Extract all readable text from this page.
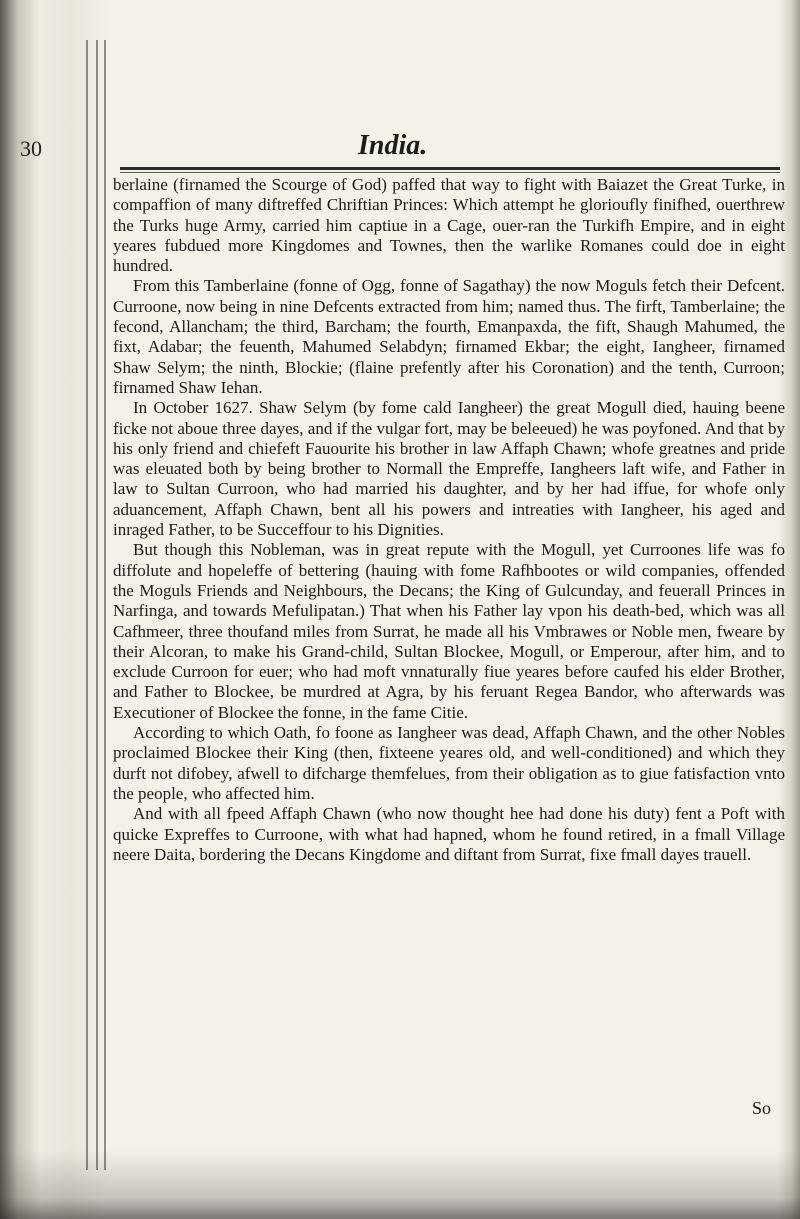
30	India.

berlaine (firnamed the Scourge of God) paffed that way to fight with Baiazet the Great Turke, in compaffion of many diftreffed Chriftian Princes: Which attempt he glorioufly finifhed, ouerthrew the Turks huge Army, carried him captiue in a Cage, ouer-ran the Turkifh Empire, and in eight yeares fubdued more Kingdomes and Townes, then the warlike Romanes could doe in eight hundred.

From this Tamberlaine (fonne of Ogg, fonne of Sagathay) the now Moguls fetch their Defcent. Curroone, now being in nine Defcents extracted from him; named thus. The firft, Tamberlaine; the fecond, Allancham; the third, Barcham; the fourth, Emanpaxda, the fift, Shaugh Mahumed, the fixt, Adabar; the feuenth, Mahumed Selabdyn; firnamed Ekbar; the eight, Iangheer, firnamed Shaw Selym; the ninth, Blockie; (flaine prefently after his Coronation) and the tenth, Curroon; firnamed Shaw Iehan.

In October 1627. Shaw Selym (by fome cald Iangheer) the great Mogull died, hauing beene ficke not aboue three dayes, and if the vulgar fort, may be beleeued) he was poyfoned. And that by his only friend and chiefeft Fauourite his brother in law Affaph Chawn; whofe greatnes and pride was eleuated both by being brother to Normall the Empreffe, Iangheers laft wife, and Father in law to Sultan Curroon, who had married his daughter, and by her had iffue, for whofe only aduancement, Affaph Chawn, bent all his powers and intreaties with Iangheer, his aged and inraged Father, to be Succeffour to his Dignities.

But though this Nobleman, was in great repute with the Mogull, yet Curroones life was fo diffolute and hopeleffe of bettering (hauing with fome Rafhbootes or wild companies, offended the Moguls Friends and Neighbours, the Decans; the King of Gulcunday, and feuerall Princes in Narfinga, and towards Mefulipatan.) That when his Father lay vpon his death-bed, which was all Cafhmeer, three thoufand miles from Surrat, he made all his Vmbrawes or Noble men, fweare by their Alcoran, to make his Grand-child, Sultan Blockee, Mogull, or Emperour, after him, and to exclude Curroon for euer; who had moft vnnaturally fiue yeares before caufed his elder Brother, and Father to Blockee, be murdred at Agra, by his feruant Regea Bandor, who afterwards was Executioner of Blockee the fonne, in the fame Citie.

According to which Oath, fo foone as Iangheer was dead, Affaph Chawn, and the other Nobles proclaimed Blockee their King (then, fixteene yeares old, and well-conditioned) and which they durft not difobey, afwell to difcharge themfelues, from their obligation as to giue fatisfaction vnto the people, who affected him.

And with all fpeed Affaph Chawn (who now thought hee had done his duty) fent a Poft with quicke Expreffes to Curroone, with what had hapned, whom he found retired, in a fmall Village neere Daita, bordering the Decans Kingdome and diftant from Surrat, fixe fmall dayes trauell.

So
